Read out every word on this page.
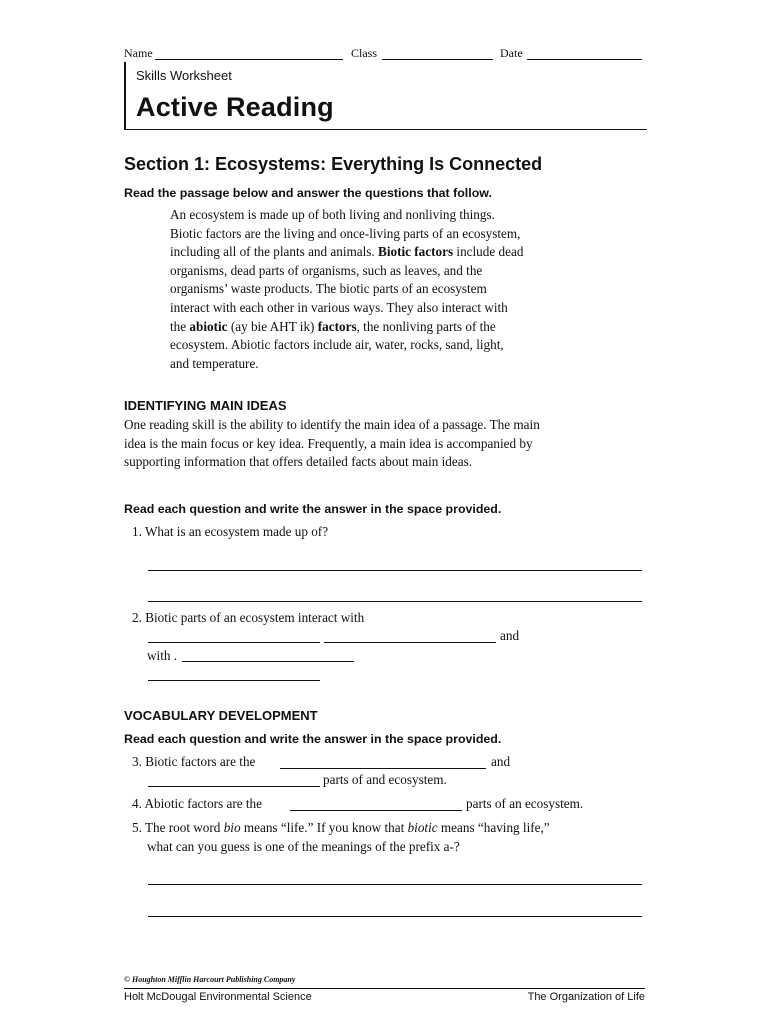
Name	Class	Date
Skills Worksheet
Active Reading
Section 1: Ecosystems: Everything Is Connected
Read the passage below and answer the questions that follow.
An ecosystem is made up of both living and nonliving things.
Biotic factors are the living and once-living parts of an ecosystem,
including all of the plants and animals. Biotic factors include dead
organisms, dead parts of organisms, such as leaves, and the
organisms’ waste products. The biotic parts of an ecosystem
interact with each other in various ways. They also interact with
the abiotic (ay bie AHT ik) factors, the nonliving parts of the
ecosystem. Abiotic factors include air, water, rocks, sand, light,
and temperature.
IDENTIFYING MAIN IDEAS
One reading skill is the ability to identify the main idea of a passage. The main
idea is the main focus or key idea. Frequently, a main idea is accompanied by
supporting information that offers detailed facts about main ideas.
Read each question and write the answer in the space provided.
1. What is an ecosystem made up of?
2. Biotic parts of an ecosystem interact with
and
with .
VOCABULARY DEVELOPMENT
Read each question and write the answer in the space provided.
3. Biotic factors are the	and
parts of and ecosystem.
4. Abiotic factors are the	parts of an ecosystem.
5. The root word bio means “life.” If you know that biotic means “having life,”
what can you guess is one of the meanings of the prefix a-?
© Houghton Mifflin Harcourt Publishing Company
Holt McDougal Environmental Science	The Organization of Life
